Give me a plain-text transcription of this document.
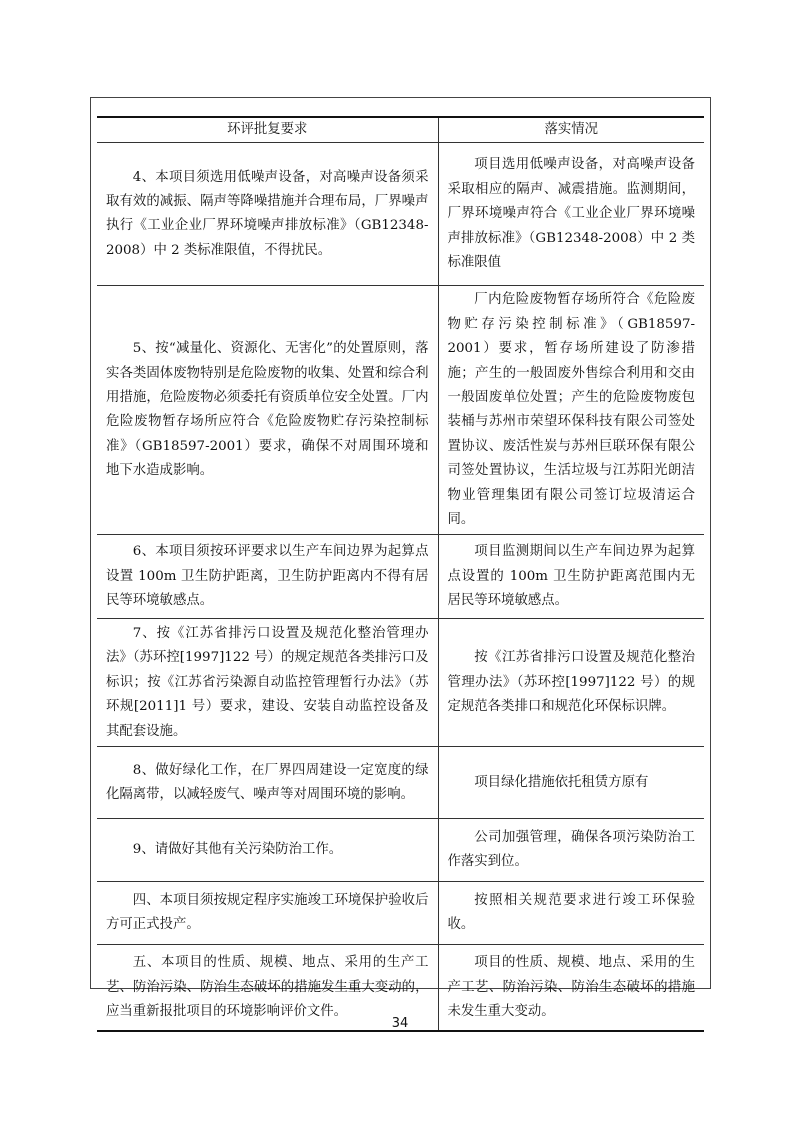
环评批复要求	落实情况
4、本项目须选用低噪声设备，对高噪声设备须采取有效的减振、隔声等降噪措施并合理布局，厂界噪声执行《工业企业厂界环境噪声排放标准》（GB12348-2008）中 2 类标准限值，不得扰民。	项目选用低噪声设备，对高噪声设备采取相应的隔声、减震措施。监测期间，厂界环境噪声符合《工业企业厂界环境噪声排放标准》（GB12348-2008）中 2 类标准限值
5、按“减量化、资源化、无害化”的处置原则，落实各类固体废物特别是危险废物的收集、处置和综合利用措施，危险废物必须委托有资质单位安全处置。厂内危险废物暂存场所应符合《危险废物贮存污染控制标准》（GB18597-2001）要求，确保不对周围环境和地下水造成影响。	厂内危险废物暂存场所符合《危险废物贮存污染控制标准》（GB18597-2001）要求，暂存场所建设了防渗措施；产生的一般固废外售综合利用和交由一般固废单位处置；产生的危险废物废包装桶与苏州市荣望环保科技有限公司签处置协议、废活性炭与苏州巨联环保有限公司签处置协议，生活垃圾与江苏阳光朗洁物业管理集团有限公司签订垃圾清运合同。
6、本项目须按环评要求以生产车间边界为起算点设置 100m 卫生防护距离，卫生防护距离内不得有居民等环境敏感点。	项目监测期间以生产车间边界为起算点设置的 100m 卫生防护距离范围内无居民等环境敏感点。
7、按《江苏省排污口设置及规范化整治管理办法》（苏环控[1997]122 号）的规定规范各类排污口及标识；按《江苏省污染源自动监控管理暂行办法》（苏环规[2011]1 号）要求，建设、安装自动监控设备及其配套设施。	按《江苏省排污口设置及规范化整治管理办法》（苏环控[1997]122 号）的规定规范各类排口和规范化环保标识牌。
8、做好绿化工作，在厂界四周建设一定宽度的绿化隔离带，以减轻废气、噪声等对周围环境的影响。	项目绿化措施依托租赁方原有
9、请做好其他有关污染防治工作。	公司加强管理，确保各项污染防治工作落实到位。
四、本项目须按规定程序实施竣工环境保护验收后方可正式投产。	按照相关规范要求进行竣工环保验收。
五、本项目的性质、规模、地点、采用的生产工艺、防治污染、防治生态破坏的措施发生重大变动的，应当重新报批项目的环境影响评价文件。	项目的性质、规模、地点、采用的生产工艺、防治污染、防治生态破坏的措施未发生重大变动。
34
